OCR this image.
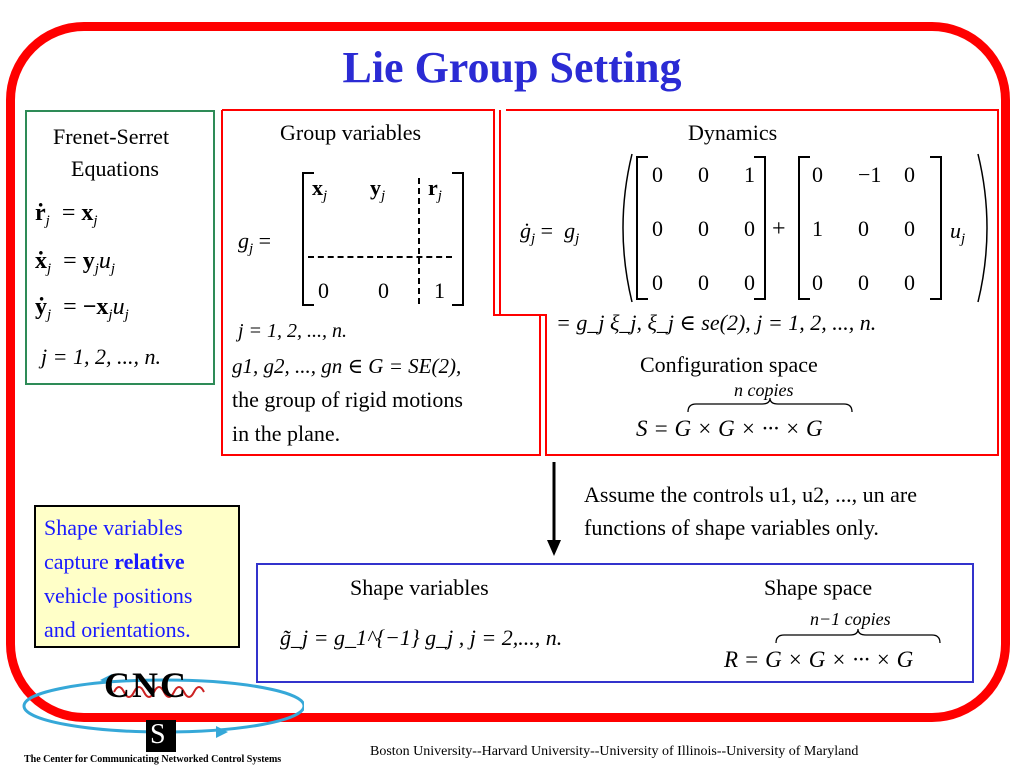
Lie Group Setting
Frenet-Serret
Equations
ṙ$_j$  = $x_j$
ẋ$_j$  = $y_ju_j$
ẏ$_j$  = $-x_ju_j$
j = 1, 2, ..., n.
Group variables
$g_j$ =
$x_j$ $y_j$ $r_j$
0 0 1
j = 1, 2, ..., n.
g1, g2, ..., gn ∈ G = SE(2),
the group of rigid motions
in the plane.
Dynamics
$ġ_j = g_j$
0 0 1
0 0 0
0 0 0
+
0 −1 0
1 0 0
0 0 0
$u_j$
= g_j ξ_j, ξ_j ∈ se(2), j = 1, 2, ..., n.
Configuration space
n copies
S = G × G × ··· × G
Assume the controls u1, u2, ..., un are
functions of shape variables only.
Shape variables
g̃_j = g_1^{−1} g_j , j = 2,..., n.
Shape space
n−1 copies
R = G × G × ··· × G
Shape variables
capture relative
vehicle positions
and orientations.
CNC
S
The Center for Communicating Networked Control Systems
Boston University--Harvard University--University of Illinois--University of Maryland
